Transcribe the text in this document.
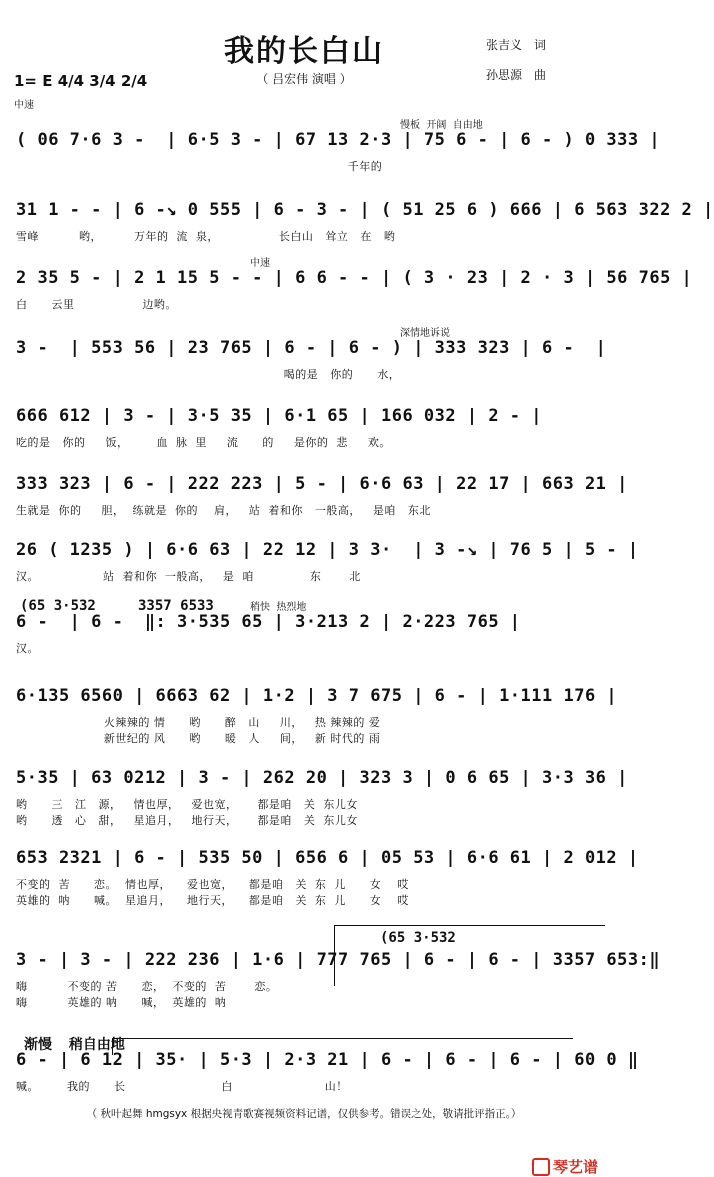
我的长白山
（ 吕宏伟 演唱 ）
张吉义　词
孙思源　曲
1= E 4/4 3/4 2/4
中速
慢板  开阔  自由地
( 06 7·6 3 -  | 6·5 3 - | 67 13 2·3 | 75 6 - | 6 - ) 0 333 |
千年的
31 1 - - | 6 -↘ 0 555 | 6 - 3 - | ( 51 25 6 ) 666 | 6 563 322 2 |
雪峰          哟，        万年的  流  泉，               长白山   耸立   在   哟
中速
2 35 5 - | 2 1 15 5 - - | 6 6 - - | ( 3 · 23 | 2 · 3 | 56 765 |
白      云里                 边哟。
深情地诉说
3 -  | 553 56 | 23 765 | 6 - | 6 - ) | 333 323 | 6 -  |
喝的是   你的      水，
666 612 | 3 - | 3·5 35 | 6·1 65 | 166 032 | 2 - |
吃的是   你的     饭，       血  脉  里     流      的     是你的  悲     欢。
333 323 | 6 - | 222 223 | 5 - | 6·6 63 | 22 17 | 663 21 |
生就是  你的     胆，  练就是  你的    肩，   站  着和你   一般高，   是咱   东北
26 ( 1235 ) | 6·6 63 | 22 12 | 3 3·  | 3 -↘ | 76 5 | 5 - |
汉。                站  着和你  一般高，   是  咱              东       北
(65 3·532	3357 6533	稍快  热烈地
6 -  | 6 -  ‖: 3·535 65 | 3·213 2 | 2·223 765 |
汉。
6·135 6560 | 6663 62 | 1·2 | 3 7 675 | 6 - | 1·111 176 |
火辣辣的 情      哟      醉   山     川，   热 辣辣的 爱
新世纪的 风      哟      暖   人     间，   新 时代的 雨
5·35 | 63 0212 | 3 - | 262 20 | 323 3 | 0 6 65 | 3·3 36 |
哟      三   江   源，   情也厚，   爱也宽，     都是咱   关  东儿女
哟      透   心   甜，   星追月，   地行天，     都是咱   关  东儿女
653 2321 | 6 - | 535 50 | 656 6 | 05 53 | 6·6 61 | 2 012 |
不变的  苦      恋。  情也厚，    爱也宽，    都是咱   关  东  儿      女    哎
英雄的  呐      喊。  星追月，    地行天，    都是咱   关  东  儿      女    哎
(65 3·532
3 - | 3 - | 222 236 | 1·6 | 777 765 | 6 - | 6 - | 3357 653:‖
嗨          不变的 苦      恋，  不变的  苦       恋。
嗨          英雄的 呐      喊，  英雄的  呐
渐慢  稍自由地
6 - | 6 12 | 35· | 5·3 | 2·3 21 | 6 - | 6 - | 6 - | 60 0 ‖
喊。       我的      长                        白                       山！
（ 秋叶起舞 hmgsyx 根据央视青歌赛视频资料记谱，仅供参考。错误之处，敬请批评指正。）

琴艺谱
